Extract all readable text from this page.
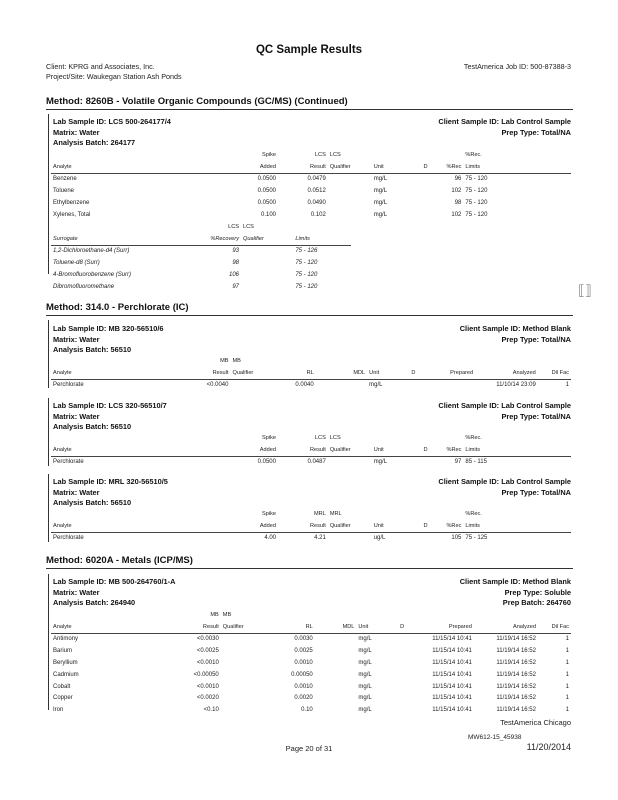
QC Sample Results
Client: KPRG and Associates, Inc.
Project/Site: Waukegan Station Ash Ponds
TestAmerica Job ID: 500-87388-3
Method: 8260B - Volatile Organic Compounds (GC/MS) (Continued)
Lab Sample ID: LCS 500-264177/4
Matrix: Water
Analysis Batch: 264177
Client Sample ID: Lab Control Sample
Prep Type: Total/NA
	Spike	LCS	LCS				%Rec.	
Analyte	Added	Result	Qualifier	Unit	D	%Rec	Limits	
Benzene	0.0500	0.0479		mg/L		96	75 - 120	
Toluene	0.0500	0.0512		mg/L		102	75 - 120	
Ethylbenzene	0.0500	0.0490		mg/L		98	75 - 120	
Xylenes, Total	0.100	0.102		mg/L		102	75 - 120	
	LCS	LCS	
Surrogate	%Recovery	Qualifier	Limits
1,2-Dichloroethane-d4 (Surr)	93		75 - 126
Toluene-d8 (Surr)	98		75 - 120
4-Bromofluorobenzene (Surr)	106		75 - 120
Dibromofluoromethane	97		75 - 120	⟦⟧
Method: 314.0 - Perchlorate (IC)
Lab Sample ID: MB 320-56510/6
Matrix: Water
Analysis Batch: 56510
Client Sample ID: Method Blank
Prep Type: Total/NA
	MB	MB							
Analyte	Result	Qualifier	RL	MDL	Unit	D	Prepared	Analyzed	Dil Fac
Perchlorate	<0.0040		0.0040		mg/L			11/10/14 23:09	1
Lab Sample ID: LCS 320-56510/7
Matrix: Water
Analysis Batch: 56510
Client Sample ID: Lab Control Sample
Prep Type: Total/NA
	Spike	LCS	LCS				%Rec.	
Analyte	Added	Result	Qualifier	Unit	D	%Rec	Limits	
Perchlorate	0.0500	0.0487		mg/L		97	85 - 115	
Lab Sample ID: MRL 320-56510/5
Matrix: Water
Analysis Batch: 56510
Client Sample ID: Lab Control Sample
Prep Type: Total/NA
	Spike	MRL	MRL				%Rec.	
Analyte	Added	Result	Qualifier	Unit	D	%Rec	Limits	
Perchlorate	4.00	4.21		ug/L		105	75 - 125	
Method: 6020A - Metals (ICP/MS)
Lab Sample ID: MB 500-264760/1-A
Matrix: Water
Analysis Batch: 264940
Client Sample ID: Method Blank
Prep Type: Soluble
Prep Batch: 264760
	MB	MB							
Analyte	Result	Qualifier	RL	MDL	Unit	D	Prepared	Analyzed	Dil Fac
Antimony	<0.0030		0.0030		mg/L		11/15/14 10:41	11/19/14 16:52	1
Barium	<0.0025		0.0025		mg/L		11/15/14 10:41	11/19/14 16:52	1
Beryllium	<0.0010		0.0010		mg/L		11/15/14 10:41	11/19/14 16:52	1
Cadmium	<0.00050		0.00050		mg/L		11/15/14 10:41	11/19/14 16:52	1
Cobalt	<0.0010		0.0010		mg/L		11/15/14 10:41	11/19/14 16:52	1
Copper	<0.0020		0.0020		mg/L		11/15/14 10:41	11/19/14 16:52	1
Iron	<0.10		0.10		mg/L		11/15/14 10:41	11/19/14 16:52	1
TestAmerica Chicago
MW612-15_45938
Page 20 of 31	11/20/2014
